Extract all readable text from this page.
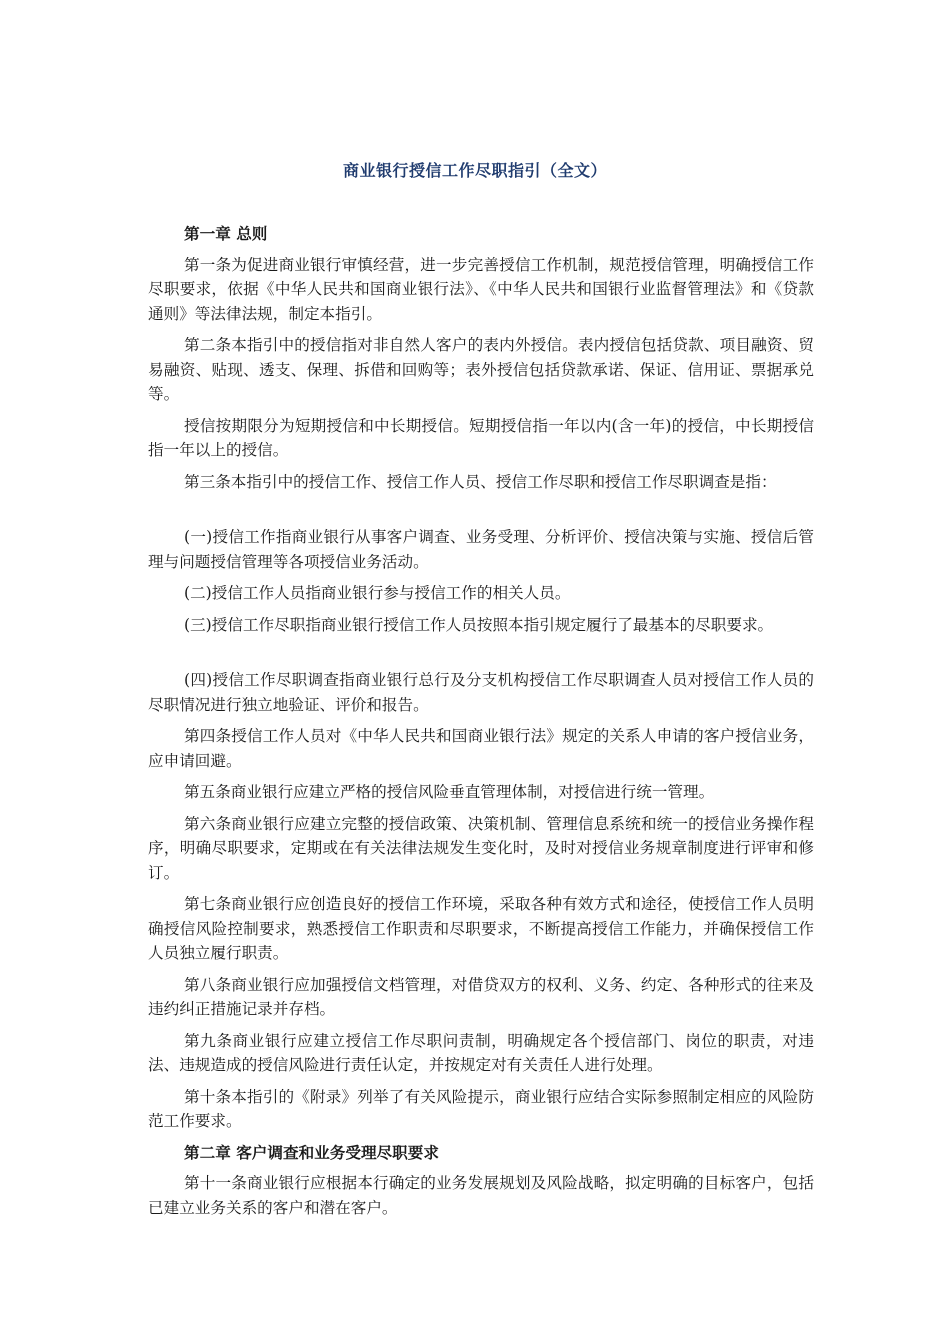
商业银行授信工作尽职指引（全文）
第一章 总则
第一条为促进商业银行审慎经营，进一步完善授信工作机制，规范授信管理，明确授信工作尽职要求，依据《中华人民共和国商业银行法》、《中华人民共和国银行业监督管理法》和《贷款通则》等法律法规，制定本指引。
第二条本指引中的授信指对非自然人客户的表内外授信。表内授信包括贷款、项目融资、贸易融资、贴现、透支、保理、拆借和回购等；表外授信包括贷款承诺、保证、信用证、票据承兑等。
授信按期限分为短期授信和中长期授信。短期授信指一年以内(含一年)的授信，中长期授信指一年以上的授信。
第三条本指引中的授信工作、授信工作人员、授信工作尽职和授信工作尽职调查是指：
(一)授信工作指商业银行从事客户调查、业务受理、分析评价、授信决策与实施、授信后管理与问题授信管理等各项授信业务活动。
(二)授信工作人员指商业银行参与授信工作的相关人员。
(三)授信工作尽职指商业银行授信工作人员按照本指引规定履行了最基本的尽职要求。
(四)授信工作尽职调查指商业银行总行及分支机构授信工作尽职调查人员对授信工作人员的尽职情况进行独立地验证、评价和报告。
第四条授信工作人员对《中华人民共和国商业银行法》规定的关系人申请的客户授信业务，应申请回避。
第五条商业银行应建立严格的授信风险垂直管理体制，对授信进行统一管理。
第六条商业银行应建立完整的授信政策、决策机制、管理信息系统和统一的授信业务操作程序，明确尽职要求，定期或在有关法律法规发生变化时，及时对授信业务规章制度进行评审和修订。
第七条商业银行应创造良好的授信工作环境，采取各种有效方式和途径，使授信工作人员明确授信风险控制要求，熟悉授信工作职责和尽职要求，不断提高授信工作能力，并确保授信工作人员独立履行职责。
第八条商业银行应加强授信文档管理，对借贷双方的权利、义务、约定、各种形式的往来及违约纠正措施记录并存档。
第九条商业银行应建立授信工作尽职问责制，明确规定各个授信部门、岗位的职责，对违法、违规造成的授信风险进行责任认定，并按规定对有关责任人进行处理。
第十条本指引的《附录》列举了有关风险提示，商业银行应结合实际参照制定相应的风险防范工作要求。
第二章 客户调查和业务受理尽职要求
第十一条商业银行应根据本行确定的业务发展规划及风险战略，拟定明确的目标客户，包括已建立业务关系的客户和潜在客户。
